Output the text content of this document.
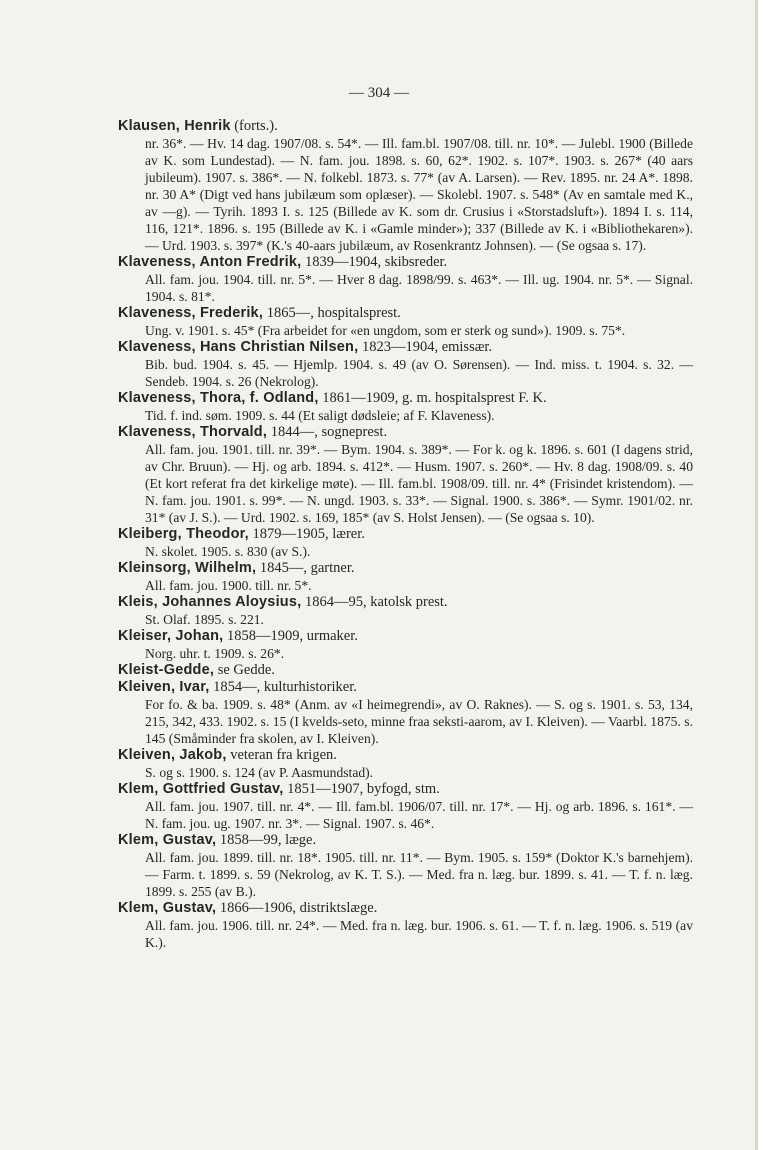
— 304 —
Klausen, Henrik (forts.).
nr. 36*. — Hv. 14 dag. 1907/08. s. 54*. — Ill. fam.bl. 1907/08. till. nr. 10*. — Julebl. 1900 (Billede av K. som Lundestad). — N. fam. jou. 1898. s. 60, 62*. 1902. s. 107*. 1903. s. 267* (40 aars jubileum). 1907. s. 386*. — N. folkebl. 1873. s. 77* (av A. Larsen). — Rev. 1895. nr. 24 A*. 1898. nr. 30 A* (Digt ved hans jubilæum som oplæser). — Skolebl. 1907. s. 548* (Av en samtale med K., av —g). — Tyrih. 1893 I. s. 125 (Billede av K. som dr. Crusius i «Storstadsluft»). 1894 I. s. 114, 116, 121*. 1896. s. 195 (Billede av K. i «Gamle minder»); 337 (Billede av K. i «Bibliothekaren»). — Urd. 1903. s. 397* (K.'s 40-aars jubilæum, av Rosenkrantz Johnsen). — (Se ogsaa s. 17).
Klaveness, Anton Fredrik, 1839—1904, skibsreder.
All. fam. jou. 1904. till. nr. 5*. — Hver 8 dag. 1898/99. s. 463*. — Ill. ug. 1904. nr. 5*. — Signal. 1904. s. 81*.
Klaveness, Frederik, 1865—, hospitalsprest.
Ung. v. 1901. s. 45* (Fra arbeidet for «en ungdom, som er sterk og sund»). 1909. s. 75*.
Klaveness, Hans Christian Nilsen, 1823—1904, emissær.
Bib. bud. 1904. s. 45. — Hjemlp. 1904. s. 49 (av O. Sørensen). — Ind. miss. t. 1904. s. 32. — Sendeb. 1904. s. 26 (Nekrolog).
Klaveness, Thora, f. Odland, 1861—1909, g. m. hospitalsprest F. K.
Tid. f. ind. søm. 1909. s. 44 (Et saligt dødsleie; af F. Klaveness).
Klaveness, Thorvald, 1844—, sogneprest.
All. fam. jou. 1901. till. nr. 39*. — Bym. 1904. s. 389*. — For k. og k. 1896. s. 601 (I dagens strid, av Chr. Bruun). — Hj. og arb. 1894. s. 412*. — Husm. 1907. s. 260*. — Hv. 8 dag. 1908/09. s. 40 (Et kort referat fra det kirkelige møte). — Ill. fam.bl. 1908/09. till. nr. 4* (Frisindet kristendom). — N. fam. jou. 1901. s. 99*. — N. ungd. 1903. s. 33*. — Signal. 1900. s. 386*. — Symr. 1901/02. nr. 31* (av J. S.). — Urd. 1902. s. 169, 185* (av S. Holst Jensen). — (Se ogsaa s. 10).
Kleiberg, Theodor, 1879—1905, lærer.
N. skolet. 1905. s. 830 (av S.).
Kleinsorg, Wilhelm, 1845—, gartner.
All. fam. jou. 1900. till. nr. 5*.
Kleis, Johannes Aloysius, 1864—95, katolsk prest.
St. Olaf. 1895. s. 221.
Kleiser, Johan, 1858—1909, urmaker.
Norg. uhr. t. 1909. s. 26*.
Kleist-Gedde, se Gedde.
Kleiven, Ivar, 1854—, kulturhistoriker.
For fo. & ba. 1909. s. 48* (Anm. av «I heimegrendi», av O. Raknes). — S. og s. 1901. s. 53, 134, 215, 342, 433. 1902. s. 15 (I kvelds-seto, minne fraa seksti-aarom, av I. Kleiven). — Vaarbl. 1875. s. 145 (Småminder fra skolen, av I. Kleiven).
Kleiven, Jakob, veteran fra krigen.
S. og s. 1900. s. 124 (av P. Aasmundstad).
Klem, Gottfried Gustav, 1851—1907, byfogd, stm.
All. fam. jou. 1907. till. nr. 4*. — Ill. fam.bl. 1906/07. till. nr. 17*. — Hj. og arb. 1896. s. 161*. — N. fam. jou. ug. 1907. nr. 3*. — Signal. 1907. s. 46*.
Klem, Gustav, 1858—99, læge.
All. fam. jou. 1899. till. nr. 18*. 1905. till. nr. 11*. — Bym. 1905. s. 159* (Doktor K.'s barnehjem). — Farm. t. 1899. s. 59 (Nekrolog, av K. T. S.). — Med. fra n. læg. bur. 1899. s. 41. — T. f. n. læg. 1899. s. 255 (av B.).
Klem, Gustav, 1866—1906, distriktslæge.
All. fam. jou. 1906. till. nr. 24*. — Med. fra n. læg. bur. 1906. s. 61. — T. f. n. læg. 1906. s. 519 (av K.).
